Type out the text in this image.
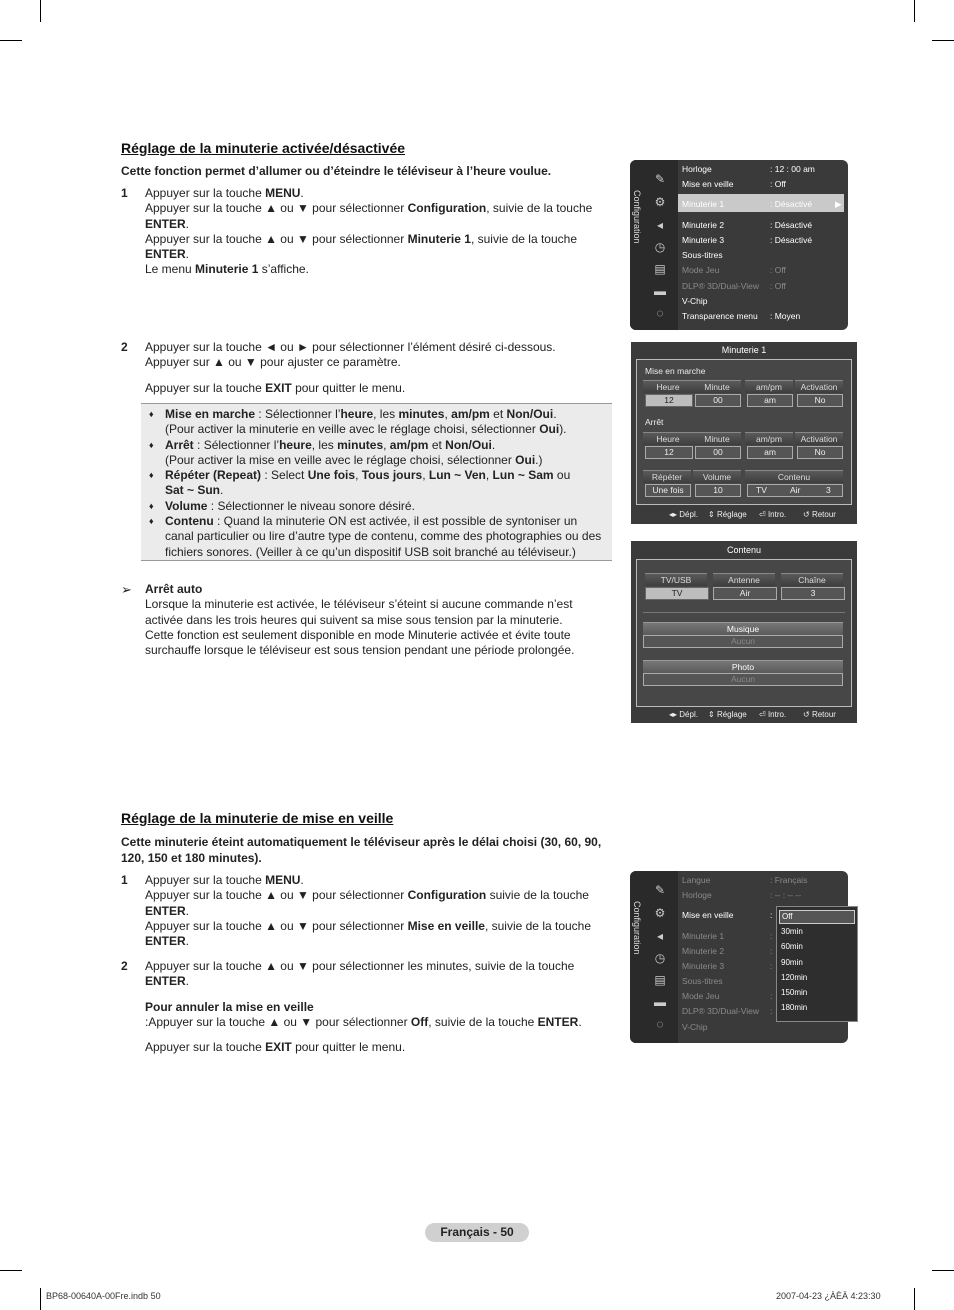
Réglage de la minuterie activée/désactivée
Cette fonction permet d’allumer ou d’éteindre le téléviseur à l’heure voulue.
1 Appuyer sur la touche MENU.

Appuyer sur la touche ▲ ou ▼ pour sélectionner Configuration, suivie de la touche

ENTER.

Appuyer sur la touche ▲ ou ▼ pour sélectionner Minuterie 1, suivie de la touche

ENTER.

Le menu Minuterie 1 s’affiche.

2 Appuyer sur la touche ◄ ou ► pour sélectionner l’élément désiré ci-dessous.

Appuyer sur ▲ ou ▼ pour ajuster ce paramètre.

Appuyer sur la touche EXIT pour quitter le menu.

♦ Mise en marche : Sélectionner l’heure, les minutes, am/pm et Non/Oui.
(Pour activer la minuterie en veille avec le réglage choisi, sélectionner Oui).
♦ Arrêt : Sélectionner l’heure, les minutes, am/pm et Non/Oui.
(Pour activer la mise en veille avec le réglage choisi, sélectionner Oui.)
♦ Répéter (Repeat) : Select Une fois, Tous jours, Lun ~ Ven, Lun ~ Sam ou
Sat ~ Sun.
♦ Volume : Sélectionner le niveau sonore désiré.
♦ Contenu : Quand la minuterie ON est activée, il est possible de syntoniser un
canal particulier ou lire d’autre type de contenu, comme des photographies ou des
fichiers sonores. (Veiller à ce qu’un dispositif USB soit branché au téléviseur.)
➢ Arrêt auto
Lorsque la minuterie est activée, le téléviseur s’éteint si aucune commande n’est
activée dans les trois heures qui suivent sa mise sous tension par la minuterie.
Cette fonction est seulement disponible en mode Minuterie activée et évite toute
surchauffe lorsque le téléviseur est sous tension pendant une période prolongée.
Configuration
✎
⚙
◂
◷
▤
▬
◌
Horloge	: 12 : 00 am
Mise en veille	: Off
Minuterie 1	: Désactivé	▶
Minuterie 2	: Désactivé
Minuterie 3	: Désactivé
Sous-titres
Mode Jeu	: Off
DLP® 3D/Dual-View : Off
V-Chip
Transparence menu : Moyen
Minuterie 1
Mise en marche
Heure	Minute	am/pm	Activation
12	00	am	No
Arrêt
Heure	Minute	am/pm	Activation
12	00	am	No
Répéter	Volume	Contenu
Une fois	10	TV	Air	3
◂▸ Dépl. ⇕ Réglage ⏎ Intro. ↺ Retour
Contenu
TV/USB	Antenne	Chaîne
TV	Air	3
Musique
Aucun
Photo
Aucun
◂▸ Dépl. ⇕ Réglage ⏎ Intro. ↺ Retour
Réglage de la minuterie de mise en veille
Cette minuterie éteint automatiquement le téléviseur après le délai choisi (30, 60, 90,
120, 150 et 180 minutes).
1 Appuyer sur la touche MENU.

Appuyer sur la touche ▲ ou ▼ pour sélectionner Configuration suivie de la touche

ENTER.

Appuyer sur la touche ▲ ou ▼ pour sélectionner Mise en veille, suivie de la touche

ENTER.

2 Appuyer sur la touche ▲ ou ▼ pour sélectionner les minutes, suivie de la touche

ENTER.

Pour annuler la mise en veille

:Appuyer sur la touche ▲ ou ▼ pour sélectionner Off, suivie de la touche ENTER.

Appuyer sur la touche EXIT pour quitter le menu.

Configuration
✎
⚙
◂
◷
▤
▬
◌
Langue	: Français
Horloge	: -- : -- --
Mise en veille	:
Minuterie 1	:
Minuterie 2	:
Minuterie 3	:
Sous-titres
Mode Jeu	:
DLP® 3D/Dual-View :
V-Chip
Off
30min
60min
90min
120min
150min
180min
Français - 50
BP68-00640A-00Fre.indb 50	2007-04-23 ¿ÀÈÄ 4:23:30
